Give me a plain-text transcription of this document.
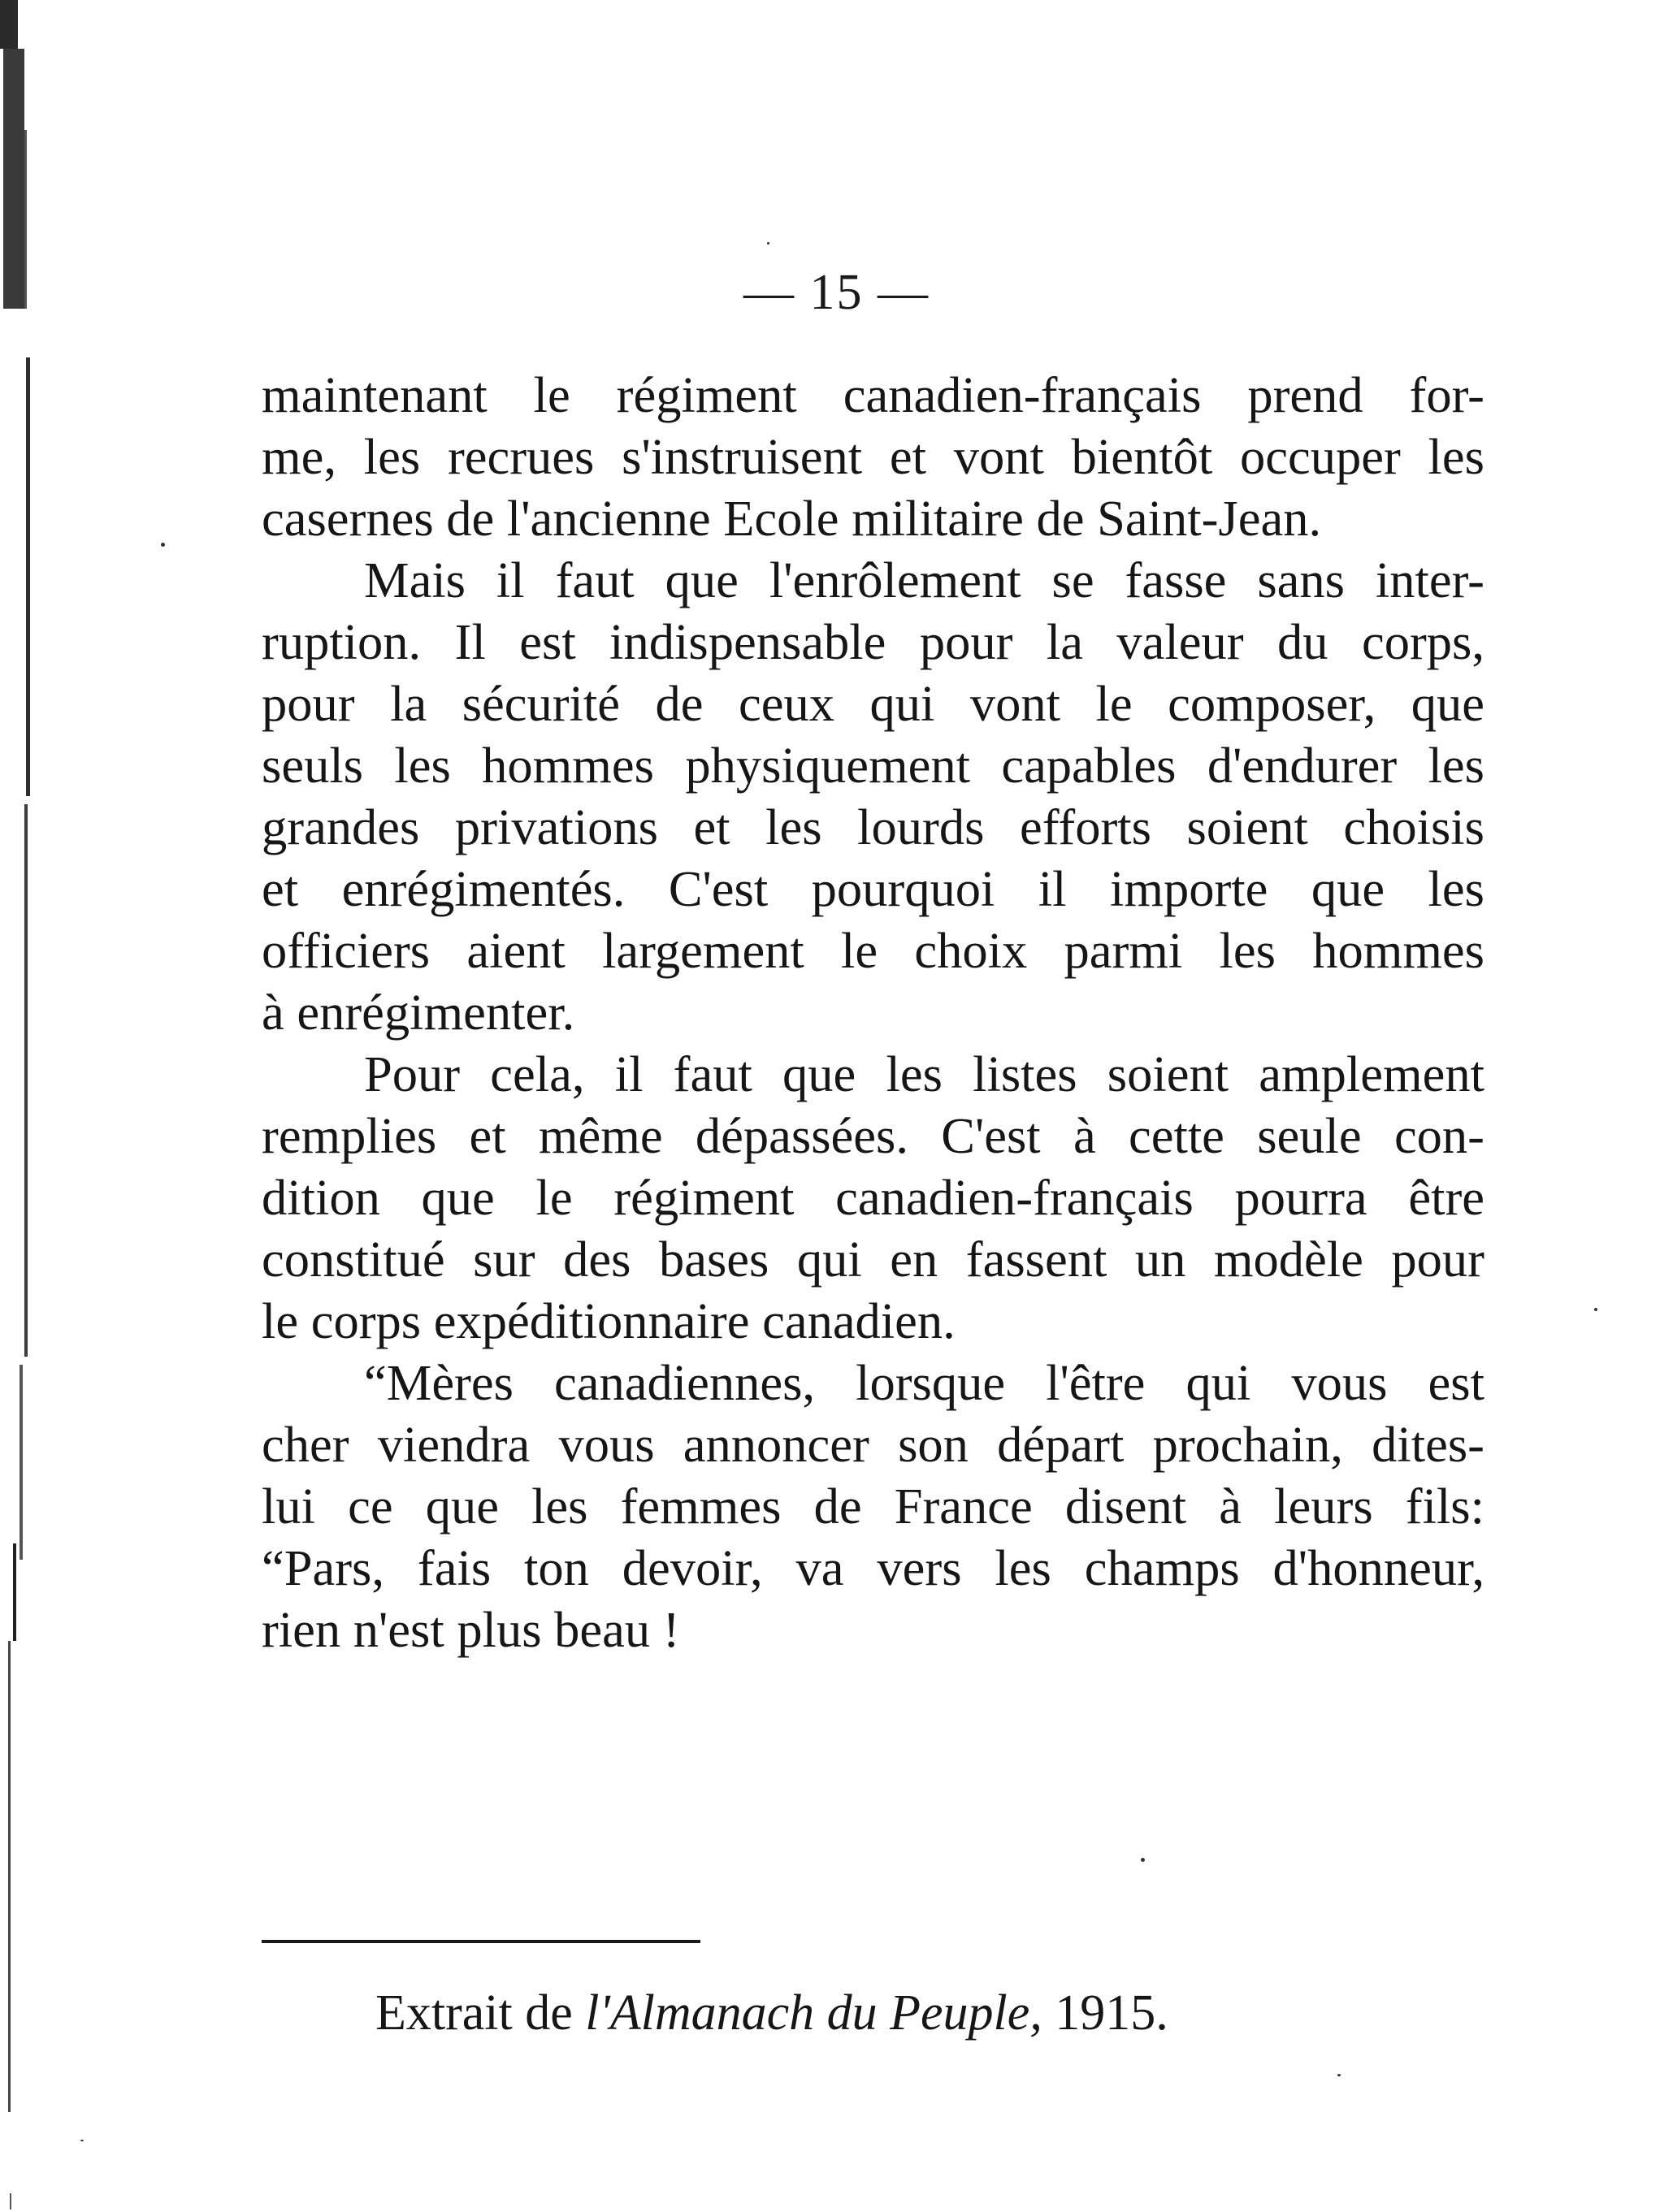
— 15 —
maintenant le régiment canadien-français prend for-
me, les recrues s'instruisent et vont bientôt occuper les
casernes de l'ancienne Ecole militaire de Saint-Jean.
Mais il faut que l'enrôlement se fasse sans inter-
ruption. Il est indispensable pour la valeur du corps,
pour la sécurité de ceux qui vont le composer, que
seuls les hommes physiquement capables d'endurer les
grandes privations et les lourds efforts soient choisis
et enrégimentés. C'est pourquoi il importe que les
officiers aient largement le choix parmi les hommes
à enrégimenter.
Pour cela, il faut que les listes soient amplement
remplies et même dépassées. C'est à cette seule con-
dition que le régiment canadien-français pourra être
constitué sur des bases qui en fassent un modèle pour
le corps expéditionnaire canadien.
“Mères canadiennes, lorsque l'être qui vous est
cher viendra vous annoncer son départ prochain, dites-
lui ce que les femmes de France disent à leurs fils:
“Pars, fais ton devoir, va vers les champs d'honneur,
rien n'est plus beau !
Extrait de l'Almanach du Peuple, 1915.
